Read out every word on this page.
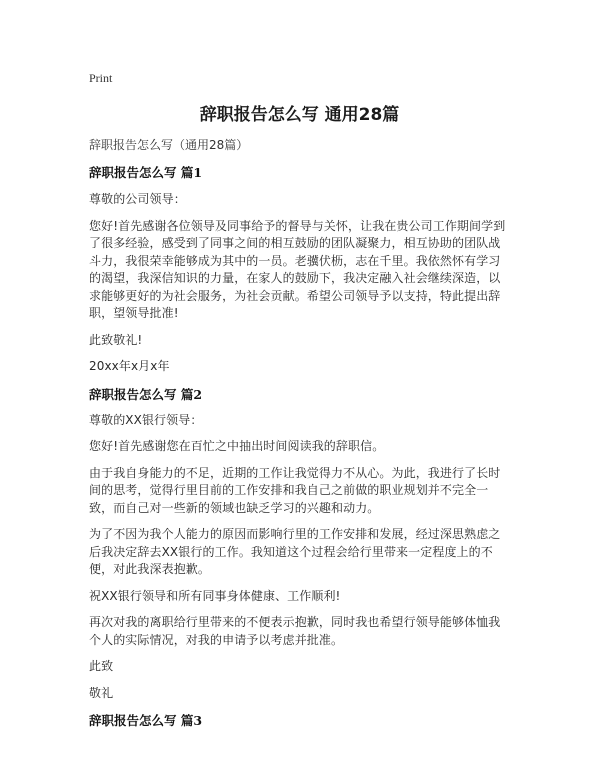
Print

辞职报告怎么写 通用28篇

辞职报告怎么写（通用28篇）

辞职报告怎么写 篇1

尊敬的公司领导：

您好!首先感谢各位领导及同事给予的督导与关怀，让我在贵公司工作期间学到了很多经验，感受到了同事之间的相互鼓励的团队凝聚力，相互协助的团队战斗力，我很荣幸能够成为其中的一员。老骥伏枥，志在千里。我依然怀有学习的渴望，我深信知识的力量，在家人的鼓励下，我决定融入社会继续深造，以求能够更好的为社会服务，为社会贡献。希望公司领导予以支持，特此提出辞职，望领导批准!

此致敬礼!

20xx年x月x年

辞职报告怎么写 篇2

尊敬的XX银行领导：

您好!首先感谢您在百忙之中抽出时间阅读我的辞职信。

由于我自身能力的不足，近期的工作让我觉得力不从心。为此，我进行了长时间的思考，觉得行里目前的工作安排和我自己之前做的职业规划并不完全一致，而自己对一些新的领域也缺乏学习的兴趣和动力。

为了不因为我个人能力的原因而影响行里的工作安排和发展，经过深思熟虑之后我决定辞去XX银行的工作。我知道这个过程会给行里带来一定程度上的不便，对此我深表抱歉。

祝XX银行领导和所有同事身体健康、工作顺利!

再次对我的离职给行里带来的不便表示抱歉，同时我也希望行领导能够体恤我个人的实际情况，对我的申请予以考虑并批准。

此致

敬礼

辞职报告怎么写 篇3
